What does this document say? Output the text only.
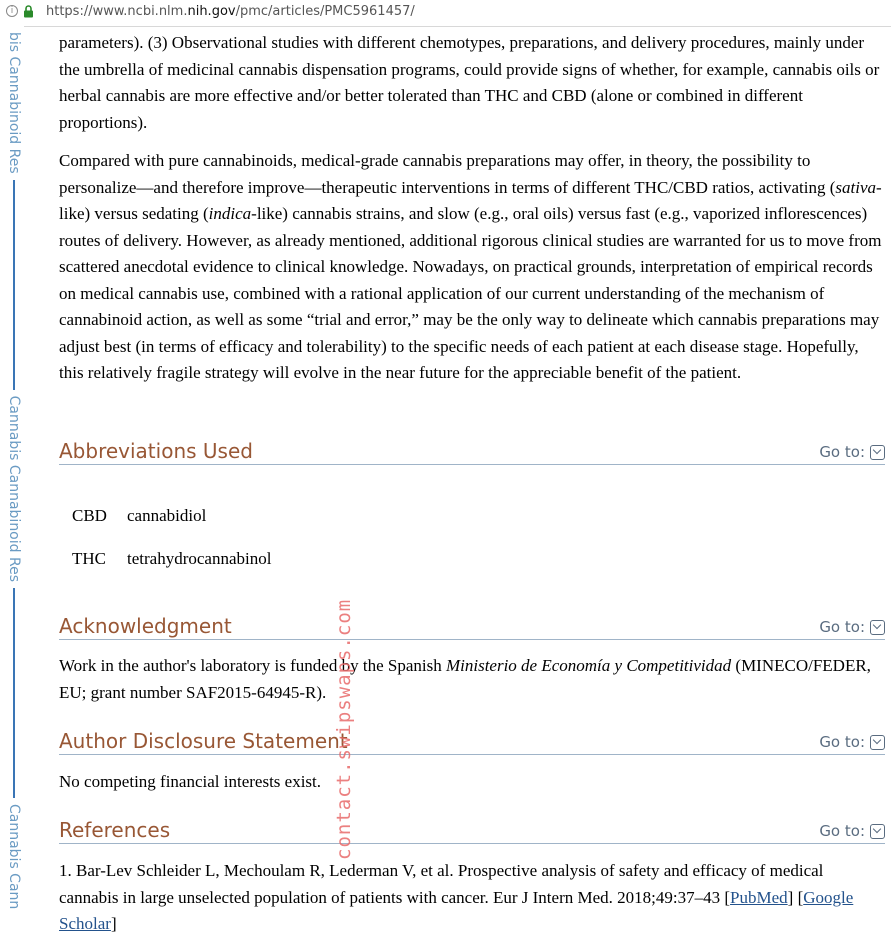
i	https://www.ncbi.nlm.nih.gov/pmc/articles/PMC5961457/
bis Cannabinoid Res
Cannabis Cannabinoid Res
Cannabis Cann

parameters). (3) Observational studies with different chemotypes, preparations, and delivery procedures, mainly under the umbrella of medicinal cannabis dispensation programs, could provide signs of whether, for example, cannabis oils or herbal cannabis are more effective and/or better tolerated than THC and CBD (alone or combined in different proportions).

Compared with pure cannabinoids, medical-grade cannabis preparations may offer, in theory, the possibility to personalize—and therefore improve—therapeutic interventions in terms of different THC/CBD ratios, activating (sativa-like) versus sedating (indica-like) cannabis strains, and slow (e.g., oral oils) versus fast (e.g., vaporized inflorescences) routes of delivery. However, as already mentioned, additional rigorous clinical studies are warranted for us to move from scattered anecdotal evidence to clinical knowledge. Nowadays, on practical grounds, interpretation of empirical records on medical cannabis use, combined with a rational application of our current understanding of the mechanism of cannabinoid action, as well as some “trial and error,” may be the only way to delineate which cannabis preparations may adjust best (in terms of efficacy and tolerability) to the specific needs of each patient at each disease stage. Hopefully, this relatively fragile strategy will evolve in the near future for the appreciable benefit of the patient.

Abbreviations Used	Go to:
CBD cannabidiol
THC tetrahydrocannabinol
Acknowledgment	Go to:

Work in the author's laboratory is funded by the Spanish Ministerio de Economía y Competitividad (MINECO/FEDER, EU; grant number SAF2015-64945-R).

Author Disclosure Statement	Go to:

No competing financial interests exist.

References	Go to:

1. Bar-Lev Schleider L, Mechoulam R, Lederman V, et al. Prospective analysis of safety and efficacy of medical cannabis in large unselected population of patients with cancer. Eur J Intern Med. 2018;49:37–43 [PubMed] [Google Scholar]

contact.swipswaps.com
